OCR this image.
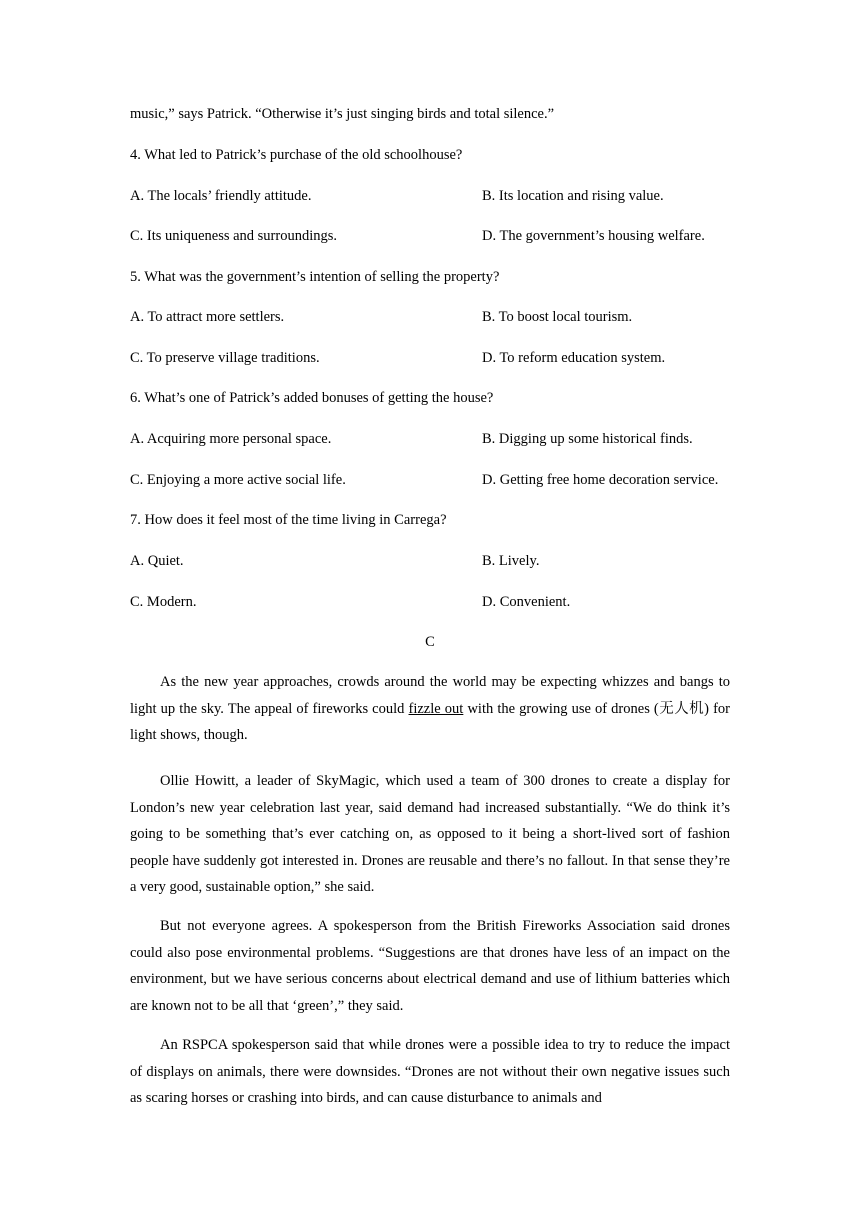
music,” says Patrick. “Otherwise it’s just singing birds and total silence.”
4. What led to Patrick’s purchase of the old schoolhouse?
A. The locals’ friendly attitude.	B. Its location and rising value.
C. Its uniqueness and surroundings.	D. The government’s housing welfare.
5. What was the government’s intention of selling the property?
A. To attract more settlers.	B. To boost local tourism.
C. To preserve village traditions.	D. To reform education system.
6. What’s one of Patrick’s added bonuses of getting the house?
A. Acquiring more personal space.	B. Digging up some historical finds.
C. Enjoying a more active social life.	D. Getting free home decoration service.
7. How does it feel most of the time living in Carrega?
A. Quiet.	B. Lively.
C. Modern.	D. Convenient.
C

As the new year approaches, crowds around the world may be expecting whizzes and bangs to light up the sky. The appeal of fireworks could fizzle out with the growing use of drones (无人机) for light shows, though.

Ollie Howitt, a leader of SkyMagic, which used a team of 300 drones to create a display for London’s new year celebration last year, said demand had increased substantially. “We do think it’s going to be something that’s ever catching on, as opposed to it being a short-lived sort of fashion people have suddenly got interested in. Drones are reusable and there’s no fallout. In that sense they’re a very good, sustainable option,” she said.

But not everyone agrees. A spokesperson from the British Fireworks Association said drones could also pose environmental problems. “Suggestions are that drones have less of an impact on the environment, but we have serious concerns about electrical demand and use of lithium batteries which are known not to be all that ‘green’,” they said.

An RSPCA spokesperson said that while drones were a possible idea to try to reduce the impact of displays on animals, there were downsides. “Drones are not without their own negative issues such as scaring horses or crashing into birds, and can cause disturbance to animals and
